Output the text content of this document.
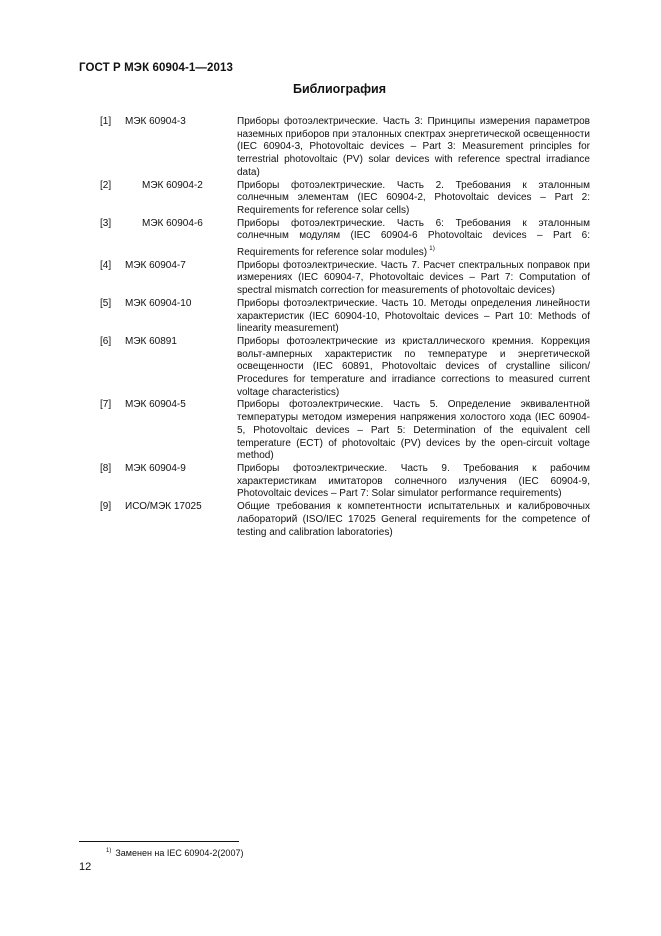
ГОСТ Р МЭК 60904-1—2013
Библиография
[1]	МЭК 60904-3	Приборы фотоэлектрические. Часть 3: Принципы измерения параметров наземных приборов при эталонных спектрах энергетической освещенности (IEC 60904-3, Photovoltaic devices – Part 3: Measurement principles for terrestrial photovoltaic (PV) solar devices with reference spectral irradiance data)
[2]	МЭК 60904-2	Приборы фотоэлектрические. Часть 2. Требования к эталонным солнечным элементам (IEC 60904-2, Photovoltaic devices – Part 2: Requirements for reference solar cells)
[3]	МЭК 60904-6	Приборы фотоэлектрические. Часть 6: Требования к эталонным солнечным модулям (IEC 60904-6 Photovoltaic devices – Part 6: Requirements for reference solar modules) $^{1)}$
[4]	МЭК 60904-7	Приборы фотоэлектрические. Часть 7. Расчет спектральных поправок при измерениях (IEC 60904-7, Photovoltaic devices – Part 7: Computation of spectral mismatch correction for measurements of photovoltaic devices)
[5]	МЭК 60904-10	Приборы фотоэлектрические. Часть 10. Методы определения линейности характеристик (IEC 60904-10, Photovoltaic devices – Part 10: Methods of linearity measurement)
[6]	МЭК 60891	Приборы фотоэлектрические из кристаллического кремния. Коррекция вольт-амперных характеристик по температуре и энергетической освещенности (IEC 60891, Photovoltaic devices of crystalline silicon/ Procedures for temperature and irradiance corrections to measured current voltage characteristics)
[7]	МЭК 60904-5	Приборы фотоэлектрические. Часть 5. Определение эквивалентной температуры методом измерения напряжения холостого хода (IEC 60904-5, Photovoltaic devices – Part 5: Determination of the equivalent cell temperature (ECT) of photovoltaic (PV) devices by the open-circuit voltage method)
[8]	МЭК 60904-9	Приборы фотоэлектрические. Часть 9. Требования к рабочим характеристикам имитаторов солнечного излучения (IEC 60904-9, Photovoltaic devices – Part 7: Solar simulator performance requirements)
[9]	ИСО/МЭК 17025	Общие требования к компетентности испытательных и калибровочных лабораторий (ISO/IEC 17025 General requirements for the competence of testing and calibration laboratories)
$^{1)}$ Заменен на IEC 60904-2(2007)
12
